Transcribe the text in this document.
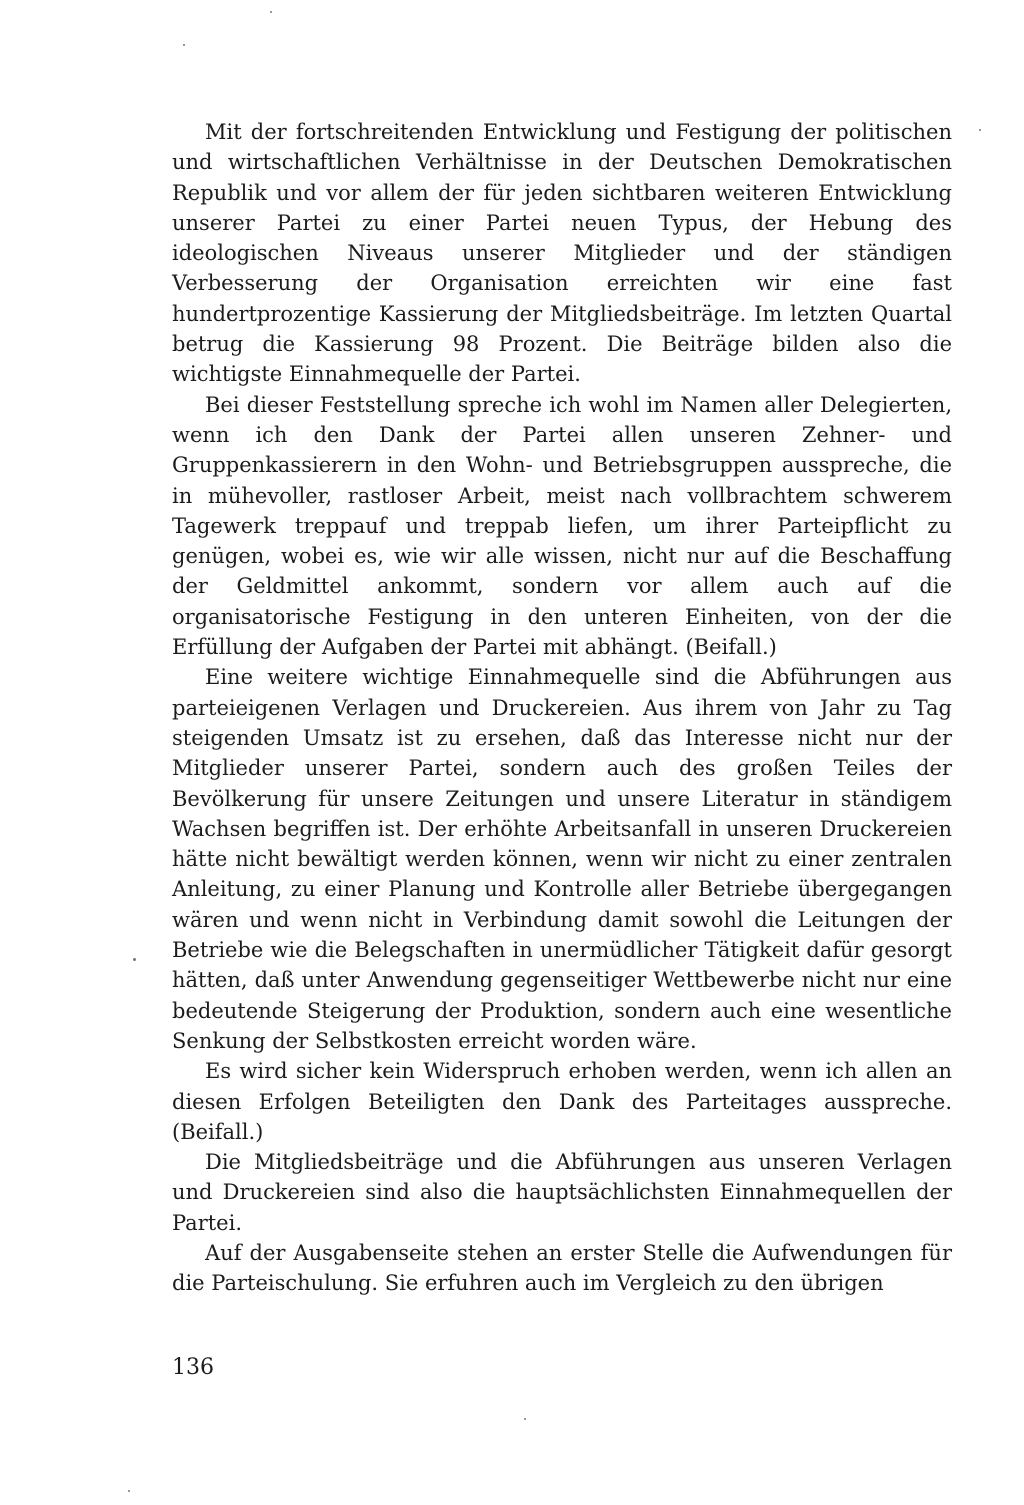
Mit der fortschreitenden Entwicklung und Festigung der politischen und wirtschaftlichen Verhältnisse in der Deutschen Demokratischen Republik und vor allem der für jeden sichtbaren weiteren Entwicklung unserer Partei zu einer Partei neuen Typus, der Hebung des ideologischen Niveaus unserer Mitglieder und der ständigen Verbesserung der Organisation erreichten wir eine fast hundertprozentige Kassierung der Mitgliedsbeiträge. Im letzten Quartal betrug die Kassierung 98 Prozent. Die Beiträge bilden also die wichtigste Einnahmequelle der Partei.

Bei dieser Feststellung spreche ich wohl im Namen aller Delegierten, wenn ich den Dank der Partei allen unseren Zehner- und Gruppenkassierern in den Wohn- und Betriebsgruppen ausspreche, die in mühevoller, rastloser Arbeit, meist nach vollbrachtem schwerem Tagewerk treppauf und treppab liefen, um ihrer Parteipflicht zu genügen, wobei es, wie wir alle wissen, nicht nur auf die Beschaffung der Geldmittel ankommt, sondern vor allem auch auf die organisatorische Festigung in den unteren Einheiten, von der die Erfüllung der Aufgaben der Partei mit abhängt. (Beifall.)

Eine weitere wichtige Einnahmequelle sind die Abführungen aus parteieigenen Verlagen und Druckereien. Aus ihrem von Jahr zu Tag steigenden Umsatz ist zu ersehen, daß das Interesse nicht nur der Mitglieder unserer Partei, sondern auch des großen Teiles der Bevölkerung für unsere Zeitungen und unsere Literatur in ständigem Wachsen begriffen ist. Der erhöhte Arbeitsanfall in unseren Druckereien hätte nicht bewältigt werden können, wenn wir nicht zu einer zentralen Anleitung, zu einer Planung und Kontrolle aller Betriebe übergegangen wären und wenn nicht in Verbindung damit sowohl die Leitungen der Betriebe wie die Belegschaften in unermüdlicher Tätigkeit dafür gesorgt hätten, daß unter Anwendung gegenseitiger Wettbewerbe nicht nur eine bedeutende Steigerung der Produktion, sondern auch eine wesentliche Senkung der Selbstkosten erreicht worden wäre.

Es wird sicher kein Widerspruch erhoben werden, wenn ich allen an diesen Erfolgen Beteiligten den Dank des Parteitages ausspreche. (Beifall.)

Die Mitgliedsbeiträge und die Abführungen aus unseren Verlagen und Druckereien sind also die hauptsächlichsten Einnahmequellen der Partei.

Auf der Ausgabenseite stehen an erster Stelle die Aufwendungen für die Parteischulung. Sie erfuhren auch im Vergleich zu den übrigen

136
